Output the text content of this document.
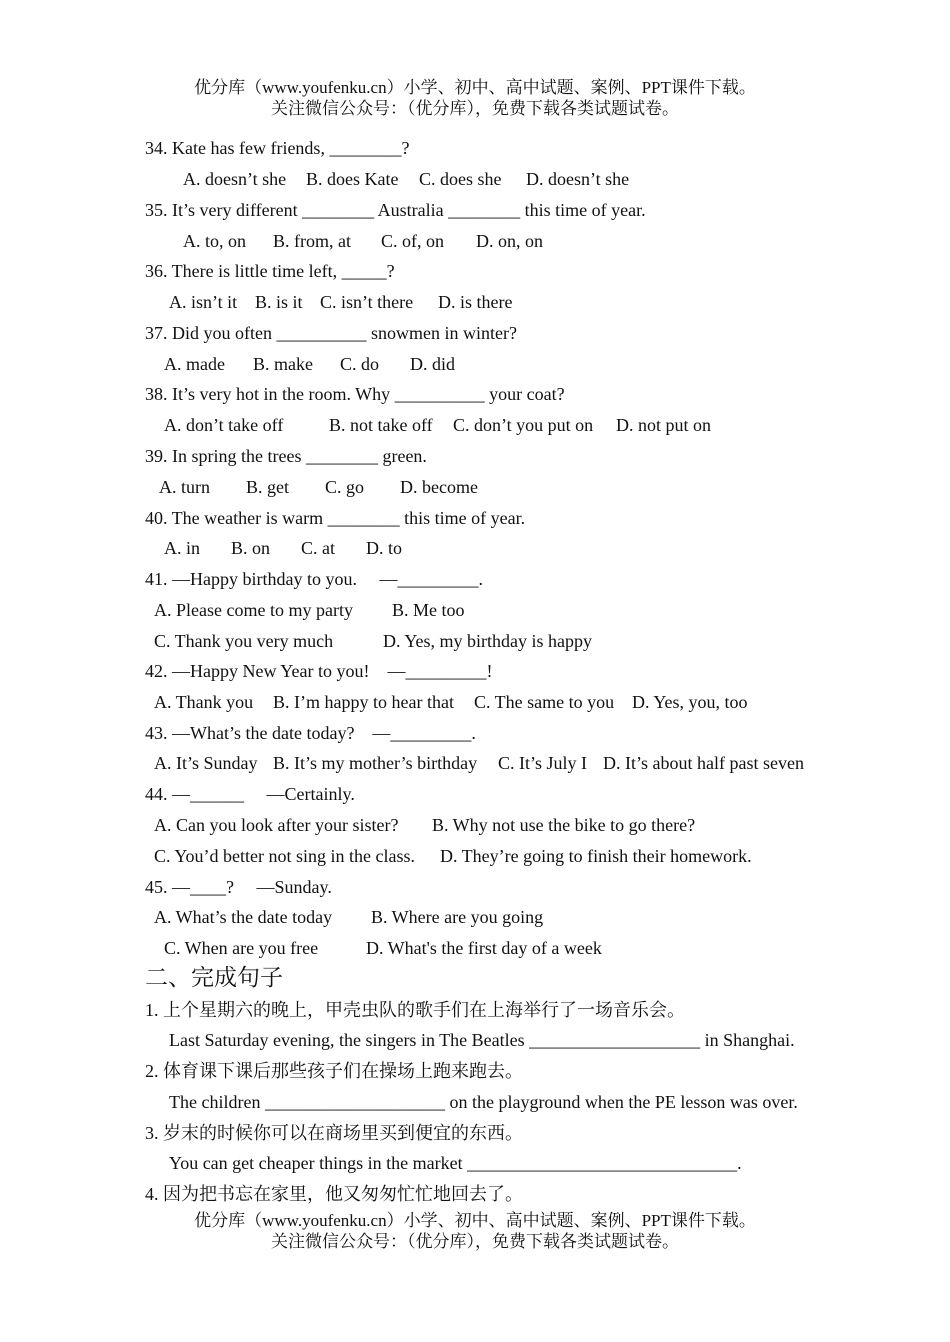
优分库（www.youfenku.cn）小学、初中、高中试题、案例、PPT课件下载。
关注微信公众号：（优分库），免费下载各类试题试卷。
34. Kate has few friends, ________?
A. doesn’t she B. does Kate C. does she D. doesn’t she
35. It’s very different ________ Australia ________ this time of year.
A. to, on B. from, at C. of, on D. on, on
36. There is little time left, _____?
A. isn’t it B. is it C. isn’t there D. is there
37. Did you often __________ snowmen in winter?
A. made B. make C. do D. did
38. It’s very hot in the room. Why __________ your coat?
A. don’t take off	B. not take off C. don’t you put on D. not put on
39. In spring the trees ________ green.
A. turn B. get C. go D. become
40. The weather is warm ________ this time of year.
A. in B. on C. at D. to
41. —Happy birthday to you.     —_________.
A. Please come to my party B. Me too
C. Thank you very much	D. Yes, my birthday is happy
42. —Happy New Year to you!    —_________!
A. Thank you B. I’m happy to hear that C. The same to you D. Yes, you, too
43. —What’s the date today?    —_________.
A. It’s Sunday B. It’s my mother’s birthday C. It’s July I D. It’s about half past seven
44. —______     —Certainly.
A. Can you look after your sister? B. Why not use the bike to go there?
C. You’d better not sing in the class. D. They’re going to finish their homework.
45. —____?     —Sunday.
A. What’s the date today B. Where are you going
C. When are you free	D. What's the first day of a week
二、完成句子
1. 上个星期六的晚上，甲壳虫队的歌手们在上海举行了一场音乐会。
Last Saturday evening, the singers in The Beatles ___________________ in Shanghai.
2. 体育课下课后那些孩子们在操场上跑来跑去。
The children ____________________ on the playground when the PE lesson was over.
3. 岁末的时候你可以在商场里买到便宜的东西。
You can get cheaper things in the market ______________________________.
4. 因为把书忘在家里，他又匆匆忙忙地回去了。
优分库（www.youfenku.cn）小学、初中、高中试题、案例、PPT课件下载。
关注微信公众号：（优分库），免费下载各类试题试卷。
